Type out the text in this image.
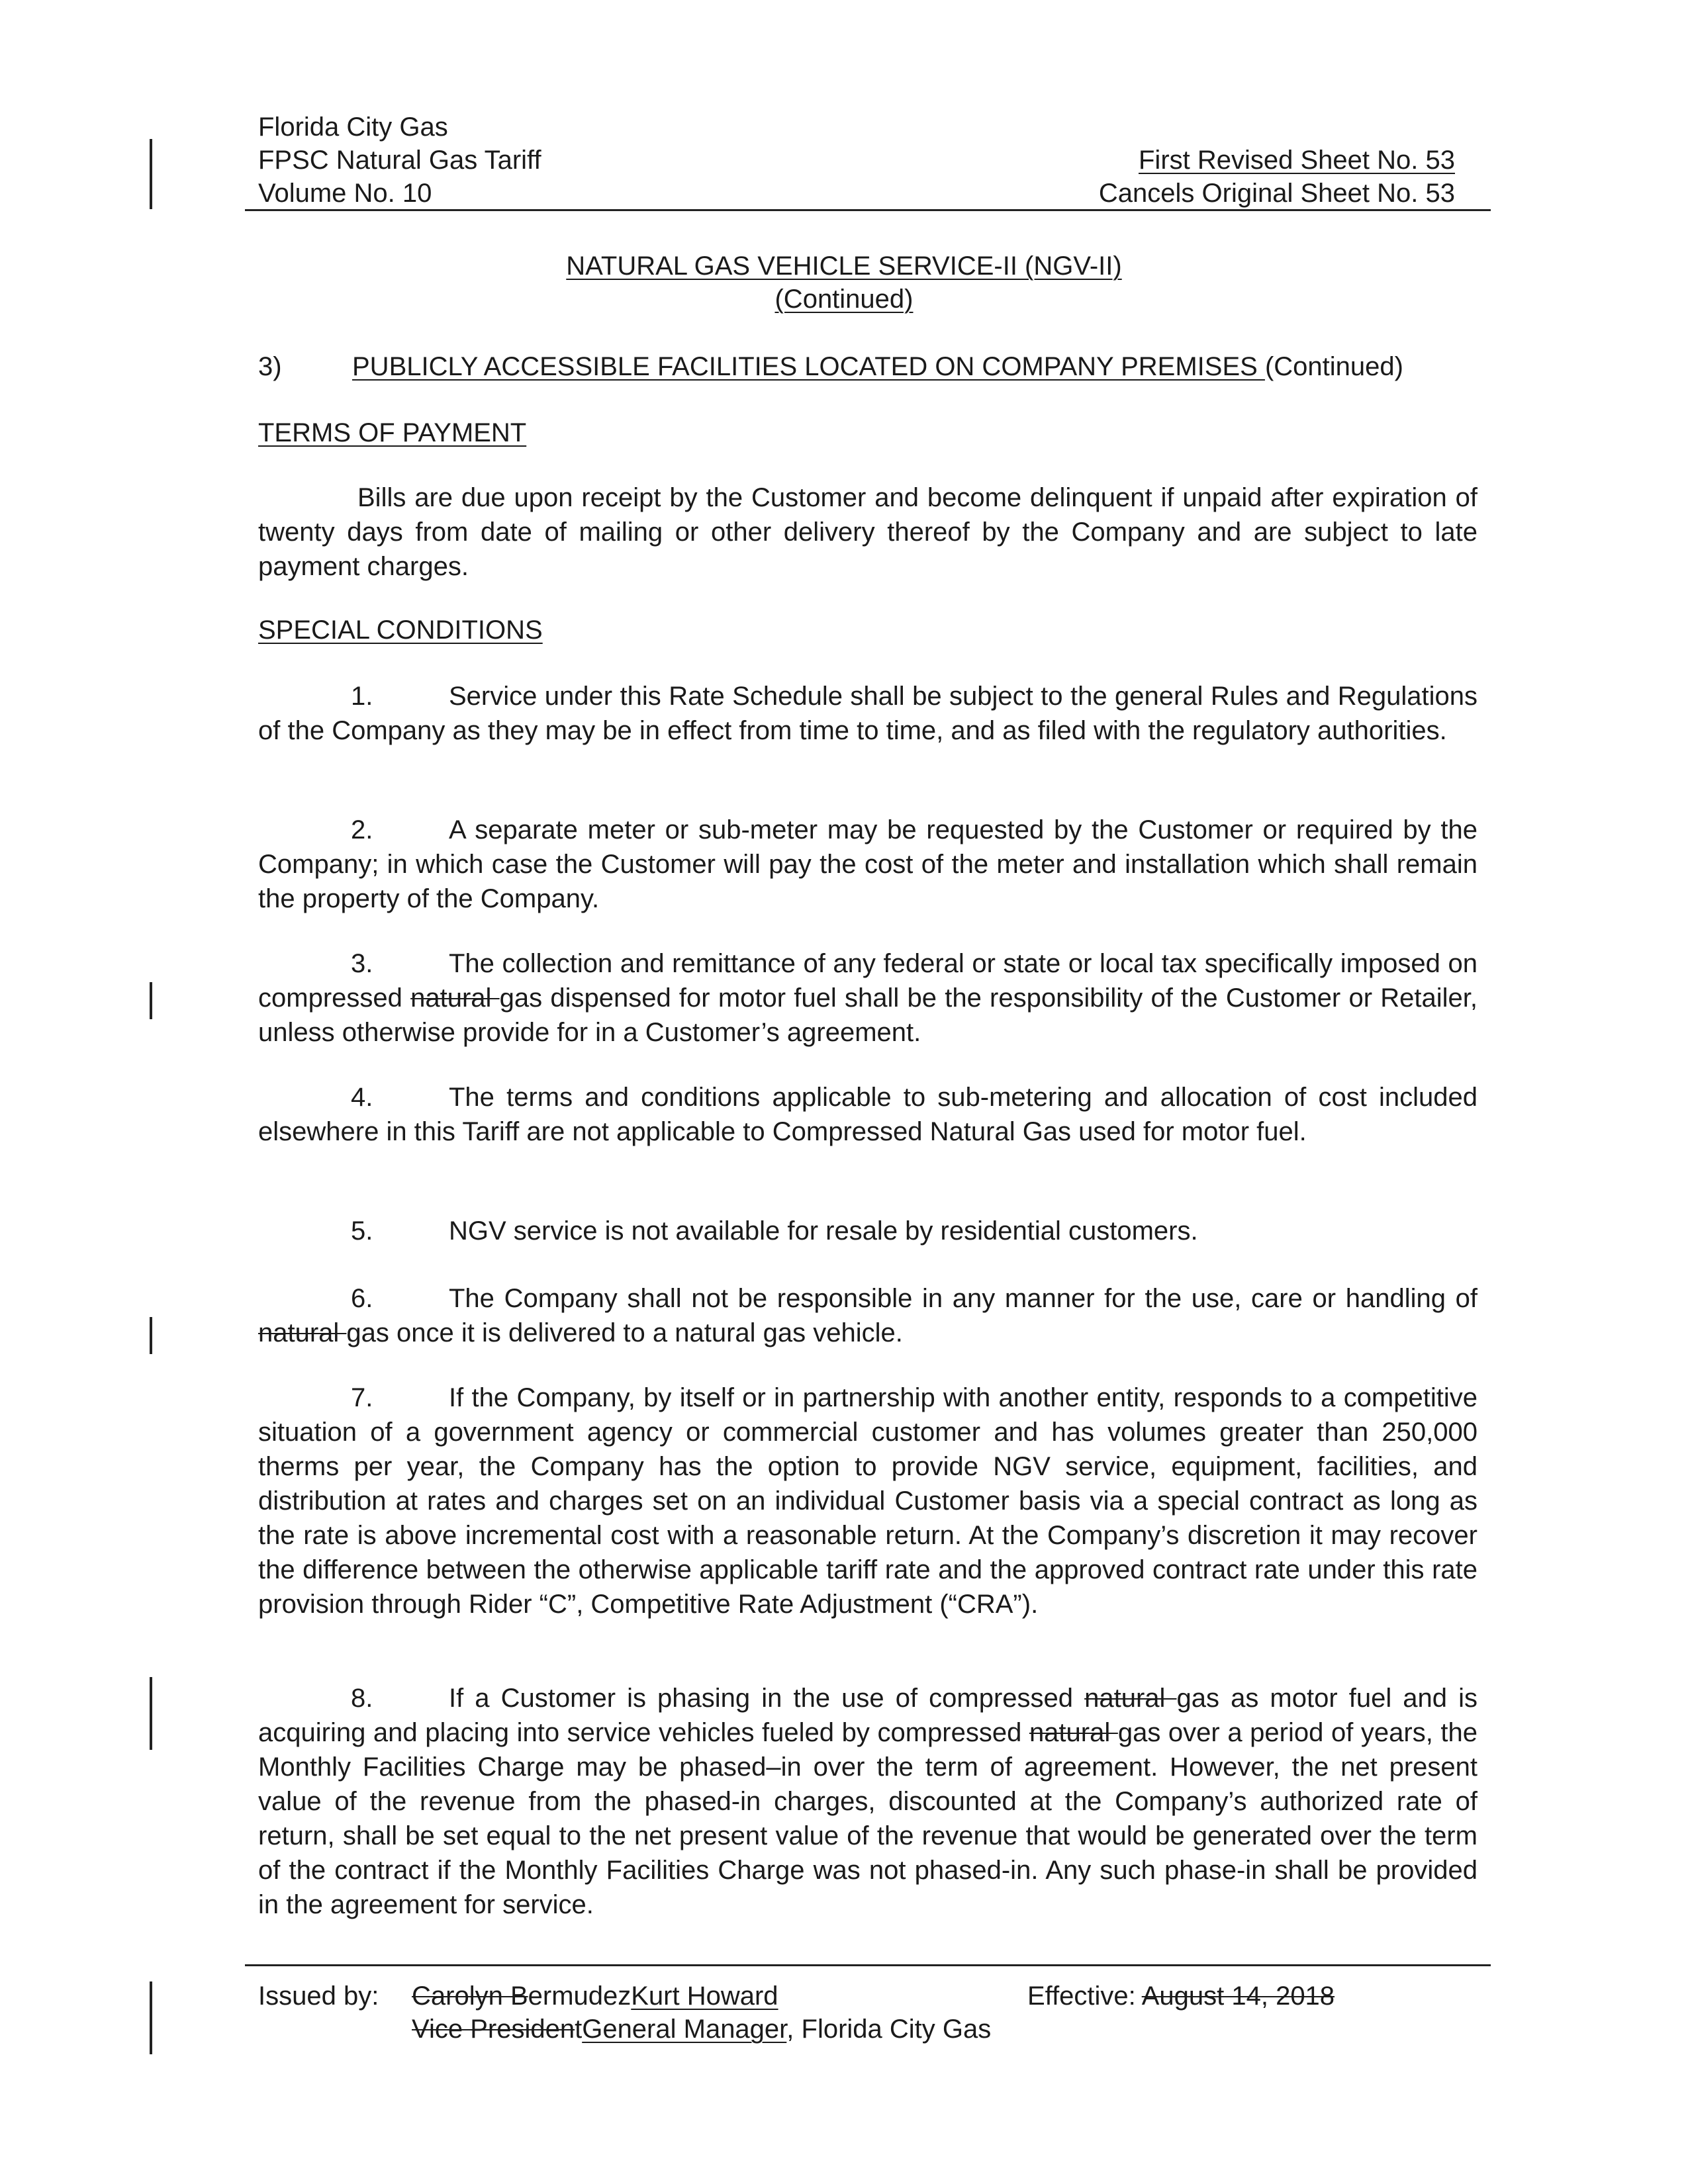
Florida City Gas
FPSC Natural Gas Tariff
Volume No. 10
First Revised Sheet No. 53
Cancels Original Sheet No. 53
NATURAL GAS VEHICLE SERVICE-II (NGV-II)
(Continued)
3)	PUBLICLY ACCESSIBLE FACILITIES LOCATED ON COMPANY PREMISES (Continued)
TERMS OF PAYMENT
Bills are due upon receipt by the Customer and become delinquent if unpaid after expiration of twenty days from date of mailing or other delivery thereof by the Company and are subject to late payment charges.
SPECIAL CONDITIONS
1.	Service under this Rate Schedule shall be subject to the general Rules and Regulations of the Company as they may be in effect from time to time, and as filed with the regulatory authorities.
2.	A separate meter or sub-meter may be requested by the Customer or required by the Company; in which case the Customer will pay the cost of the meter and installation which shall remain the property of the Company.
3.	The collection and remittance of any federal or state or local tax specifically imposed on compressed natural gas dispensed for motor fuel shall be the responsibility of the Customer or Retailer, unless otherwise provide for in a Customer’s agreement.
4.	The terms and conditions applicable to sub-metering and allocation of cost included elsewhere in this Tariff are not applicable to Compressed Natural Gas used for motor fuel.
5.	NGV service is not available for resale by residential customers.
6.	The Company shall not be responsible in any manner for the use, care or handling of natural gas once it is delivered to a natural gas vehicle.
7.	If the Company, by itself or in partnership with another entity, responds to a competitive situation of a government agency or commercial customer and has volumes greater than 250,000 therms per year, the Company has the option to provide NGV service, equipment, facilities, and distribution at rates and charges set on an individual Customer basis via a special contract as long as the rate is above incremental cost with a reasonable return. At the Company’s discretion it may recover the difference between the otherwise applicable tariff rate and the approved contract rate under this rate provision through Rider “C”, Competitive Rate Adjustment (“CRA”).
8.	If a Customer is phasing in the use of compressed natural gas as motor fuel and is acquiring and placing into service vehicles fueled by compressed natural gas over a period of years, the Monthly Facilities Charge may be phased–in over the term of agreement. However, the net present value of the revenue from the phased-in charges, discounted at the Company’s authorized rate of return, shall be set equal to the net present value of the revenue that would be generated over the term of the contract if the Monthly Facilities Charge was not phased-in. Any such phase-in shall be provided in the agreement for service.
Issued by: Carolyn BermudezKurt Howard	Effective: August 14, 2018
Vice PresidentGeneral Manager, Florida City Gas
